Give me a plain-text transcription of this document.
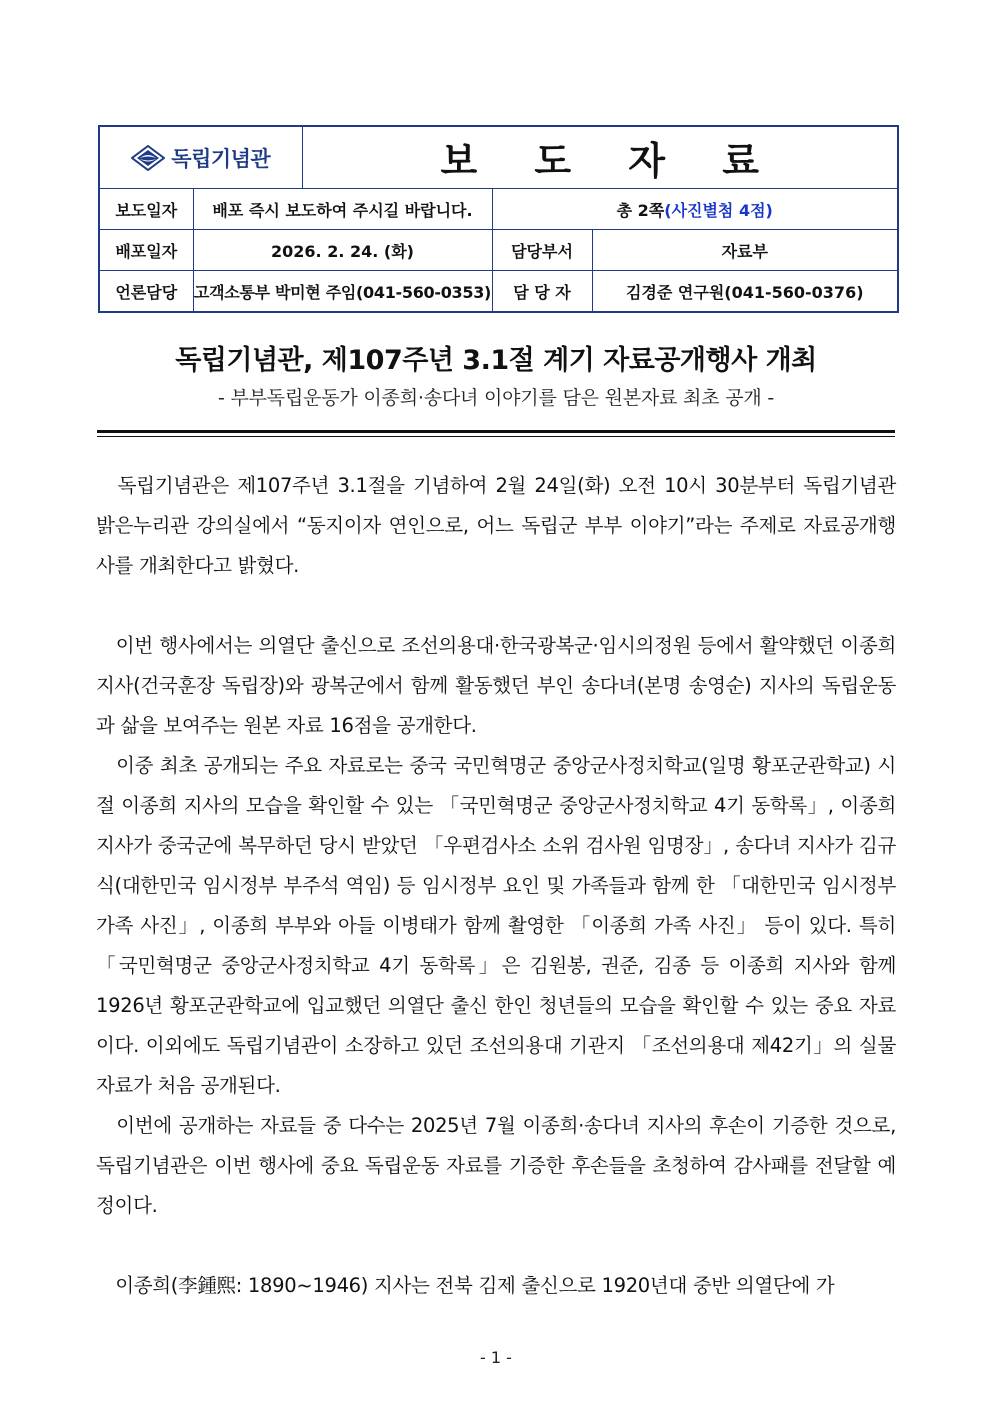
독립기념관		보 도 자 료		
보도일자	배포 즉시 보도하여 주시길 바랍니다.		총 2쪽(사진별첨 4점)	
배포일자	2026. 2. 24. (화)		담당부서	자료부
언론담당	고객소통부 박미현 주임(041-560-0353)		담 당 자	김경준 연구원(041-560-0376)
독립기념관, 제107주년 3.1절 계기 자료공개행사 개최
- 부부독립운동가 이종희·송다녀 이야기를 담은 원본자료 최초 공개 -

　독립기념관은 제107주년 3.1절을 기념하여 2월 24일(화) 오전 10시 30분부터 독립기념관 밝은누리관 강의실에서 “동지이자 연인으로, 어느 독립군 부부 이야기”라는 주제로 자료공개행사를 개최한다고 밝혔다.

　이번 행사에서는 의열단 출신으로 조선의용대·한국광복군·임시의정원 등에서 활약했던 이종희 지사(건국훈장 독립장)와 광복군에서 함께 활동했던 부인 송다녀(본명 송영순) 지사의 독립운동과 삶을 보여주는 원본 자료 16점을 공개한다.

　이중 최초 공개되는 주요 자료로는 중국 국민혁명군 중앙군사정치학교(일명 황포군관학교) 시절 이종희 지사의 모습을 확인할 수 있는 「국민혁명군 중앙군사정치학교 4기 동학록」, 이종희 지사가 중국군에 복무하던 당시 받았던 「우편검사소 소위 검사원 임명장」, 송다녀 지사가 김규식(대한민국 임시정부 부주석 역임) 등 임시정부 요인 및 가족들과 함께 한 「대한민국 임시정부 가족 사진」, 이종희 부부와 아들 이병태가 함께 촬영한 「이종희 가족 사진」 등이 있다. 특히 「국민혁명군 중앙군사정치학교 4기 동학록」은 김원봉, 권준, 김종 등 이종희 지사와 함께 1926년 황포군관학교에 입교했던 의열단 출신 한인 청년들의 모습을 확인할 수 있는 중요 자료이다. 이외에도 독립기념관이 소장하고 있던 조선의용대 기관지 「조선의용대 제42기」의 실물 자료가 처음 공개된다.

　이번에 공개하는 자료들 중 다수는 2025년 7월 이종희·송다녀 지사의 후손이 기증한 것으로, 독립기념관은 이번 행사에 중요 독립운동 자료를 기증한 후손들을 초청하여 감사패를 전달할 예정이다.

　이종희(李鍾熙: 1890~1946) 지사는 전북 김제 출신으로 1920년대 중반 의열단에 가

- 1 -
